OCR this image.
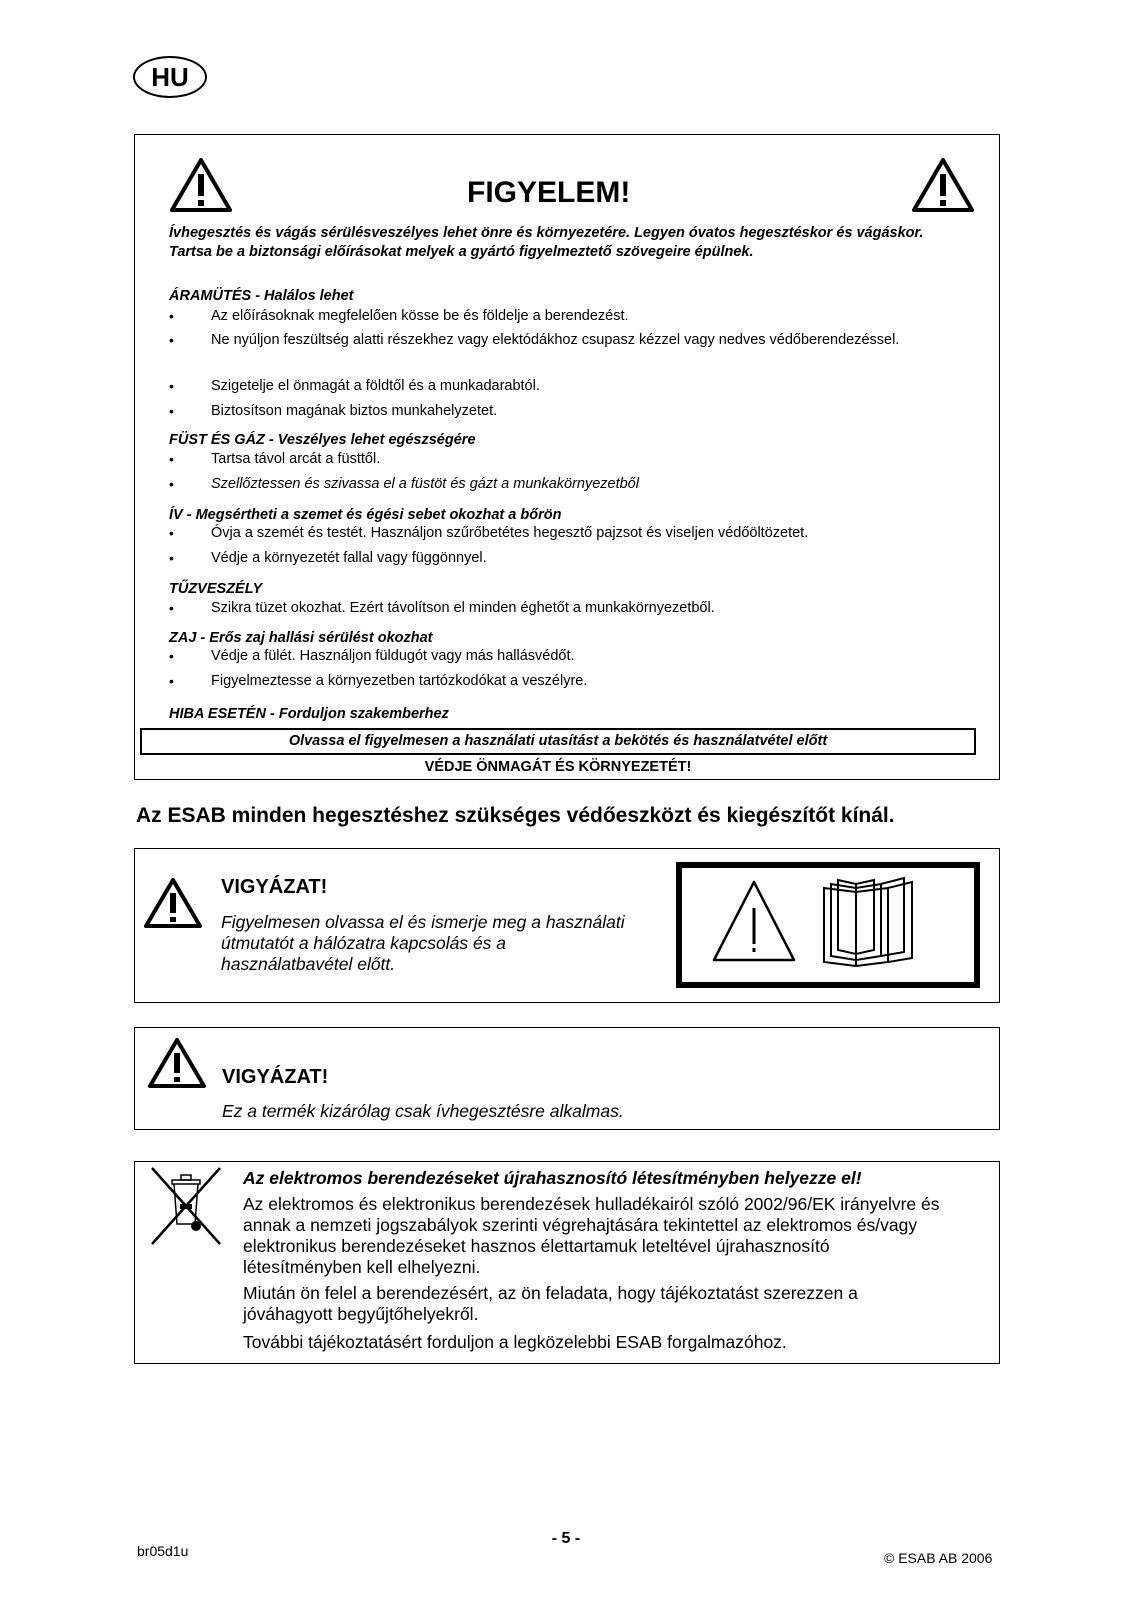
HU
FIGYELEM!
Ívhegesztés és vágás sérülésveszélyes lehet önre és környezetére. Legyen óvatos hegesztéskor és vágáskor. Tartsa be a biztonsági előírásokat melyek a gyártó figyelmeztető szövegeire épülnek.
ÁRAMÜTÉS - Halálos lehet
•	Az előírásoknak megfelelően kösse be és földelje a berendezést.
•	Ne nyúljon feszültség alatti részekhez vagy elektódákhoz csupasz kézzel vagy nedves védőberendezéssel.
•	Szigetelje el önmagát a földtől és a munkadarabtól.
•	Biztosítson magának biztos munkahelyzetet.
FÜST ÉS GÁZ - Veszélyes lehet egészségére
•	Tartsa távol arcát a füsttől.
•	Szellőztessen és szivassa el a füstöt és gázt a munkakörnyezetből
ÍV - Megsértheti a szemet és égési sebet okozhat a bőrön
•	Óvja a szemét és testét. Használjon szűrőbetétes hegesztő pajzsot és viseljen védőöltözetet.
•	Védje a környezetét fallal vagy függönnyel.
TŰZVESZÉLY
•	Szikra tüzet okozhat. Ezért távolítson el minden éghetőt a munkakörnyezetből.
ZAJ - Erős zaj hallási sérülést okozhat
•	Védje a fülét. Használjon füldugót vagy más hallásvédőt.
•	Figyelmeztesse a környezetben tartózkodókat a veszélyre.
HIBA ESETÉN - Forduljon szakemberhez
Olvassa el figyelmesen a használati utasítást a bekötés és használatvétel előtt
VÉDJE ÖNMAGÁT ÉS KÖRNYEZETÉT!
Az ESAB minden hegesztéshez szükséges védőeszközt és kiegészítőt kínál.
VIGYÁZAT!
Figyelmesen olvassa el és ismerje meg a használati útmutatót a hálózatra kapcsolás és a használatbavétel előtt.
VIGYÁZAT!
Ez a termék kizárólag csak ívhegesztésre alkalmas.
Az elektromos berendezéseket újrahasznosító létesítményben helyezze el!
Az elektromos és elektronikus berendezések hulladékairól szóló 2002/96/EK irányelvre és annak a nemzeti jogszabályok szerinti végrehajtására tekintettel az elektromos és/vagy elektronikus berendezéseket hasznos élettartamuk leteltével újrahasznosító létesítményben kell elhelyezni.
Miután ön felel a berendezésért, az ön feladata, hogy tájékoztatást szerezzen a jóváhagyott begyűjtőhelyekről.
További tájékoztatásért forduljon a legközelebbi ESAB forgalmazóhoz.
br05d1u
- 5 -
© ESAB AB 2006
